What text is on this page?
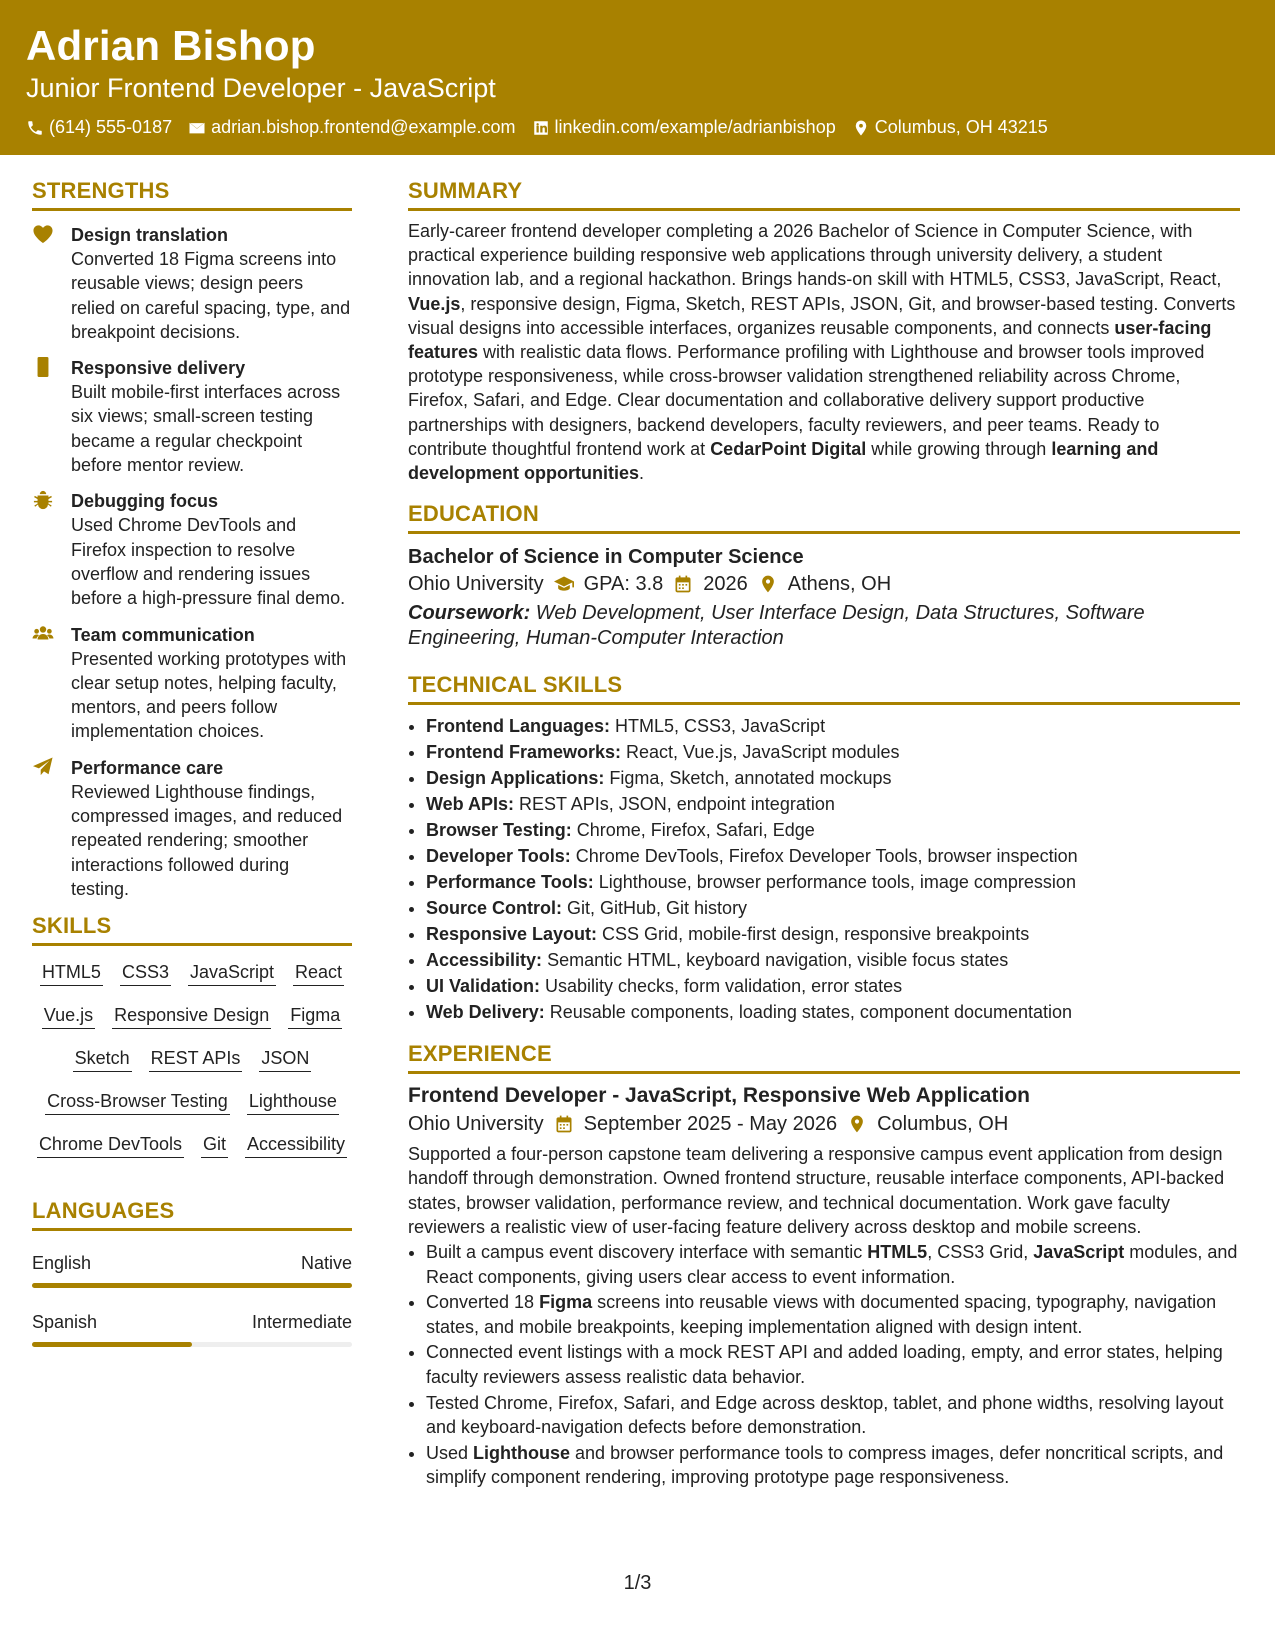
Adrian Bishop
Junior Frontend Developer - JavaScript
(614) 555-0187 adrian.bishop.frontend@example.com linkedin.com/example/adrianbishop Columbus, OH 43215
STRENGTHS
Design translation
Converted 18 Figma screens into reusable views; design peers relied on careful spacing, type, and breakpoint decisions.
Responsive delivery
Built mobile-first interfaces across six views; small-screen testing became a regular checkpoint before mentor review.
Debugging focus
Used Chrome DevTools and Firefox inspection to resolve overflow and rendering issues before a high-pressure final demo.
Team communication
Presented working prototypes with clear setup notes, helping faculty, mentors, and peers follow implementation choices.
Performance care
Reviewed Lighthouse findings, compressed images, and reduced repeated rendering; smoother interactions followed during testing.
SKILLS
HTML5 CSS3 JavaScript React
Vue.js Responsive Design Figma
Sketch REST APIs JSON
Cross-Browser Testing Lighthouse
Chrome DevTools Git Accessibility
LANGUAGES
English	Native
Spanish	Intermediate
SUMMARY
Early-career frontend developer completing a 2026 Bachelor of Science in Computer Science, with practical experience building responsive web applications through university delivery, a student innovation lab, and a regional hackathon. Brings hands-on skill with HTML5, CSS3, JavaScript, React, Vue.js, responsive design, Figma, Sketch, REST APIs, JSON, Git, and browser-based testing. Converts visual designs into accessible interfaces, organizes reusable components, and connects user-facing features with realistic data flows. Performance profiling with Lighthouse and browser tools improved prototype responsiveness, while cross-browser validation strengthened reliability across Chrome, Firefox, Safari, and Edge. Clear documentation and collaborative delivery support productive partnerships with designers, backend developers, faculty reviewers, and peer teams. Ready to contribute thoughtful frontend work at CedarPoint Digital while growing through learning and development opportunities.
EDUCATION
Bachelor of Science in Computer Science
Ohio University GPA: 3.8 2026 Athens, OH
Coursework: Web Development, User Interface Design, Data Structures, Software Engineering, Human-Computer Interaction
TECHNICAL SKILLS
• Frontend Languages: HTML5, CSS3, JavaScript
• Frontend Frameworks: React, Vue.js, JavaScript modules
• Design Applications: Figma, Sketch, annotated mockups
• Web APIs: REST APIs, JSON, endpoint integration
• Browser Testing: Chrome, Firefox, Safari, Edge
• Developer Tools: Chrome DevTools, Firefox Developer Tools, browser inspection
• Performance Tools: Lighthouse, browser performance tools, image compression
• Source Control: Git, GitHub, Git history
• Responsive Layout: CSS Grid, mobile-first design, responsive breakpoints
• Accessibility: Semantic HTML, keyboard navigation, visible focus states
• UI Validation: Usability checks, form validation, error states
• Web Delivery: Reusable components, loading states, component documentation
EXPERIENCE
Frontend Developer - JavaScript, Responsive Web Application
Ohio University September 2025 - May 2026 Columbus, OH
Supported a four-person capstone team delivering a responsive campus event application from design handoff through demonstration. Owned frontend structure, reusable interface components, API-backed states, browser validation, performance review, and technical documentation. Work gave faculty reviewers a realistic view of user-facing feature delivery across desktop and mobile screens.
• Built a campus event discovery interface with semantic HTML5, CSS3 Grid, JavaScript modules, and React components, giving users clear access to event information.
• Converted 18 Figma screens into reusable views with documented spacing, typography, navigation states, and mobile breakpoints, keeping implementation aligned with design intent.
• Connected event listings with a mock REST API and added loading, empty, and error states, helping faculty reviewers assess realistic data behavior.
• Tested Chrome, Firefox, Safari, and Edge across desktop, tablet, and phone widths, resolving layout and keyboard-navigation defects before demonstration.
• Used Lighthouse and browser performance tools to compress images, defer noncritical scripts, and simplify component rendering, improving prototype page responsiveness.
1/3
